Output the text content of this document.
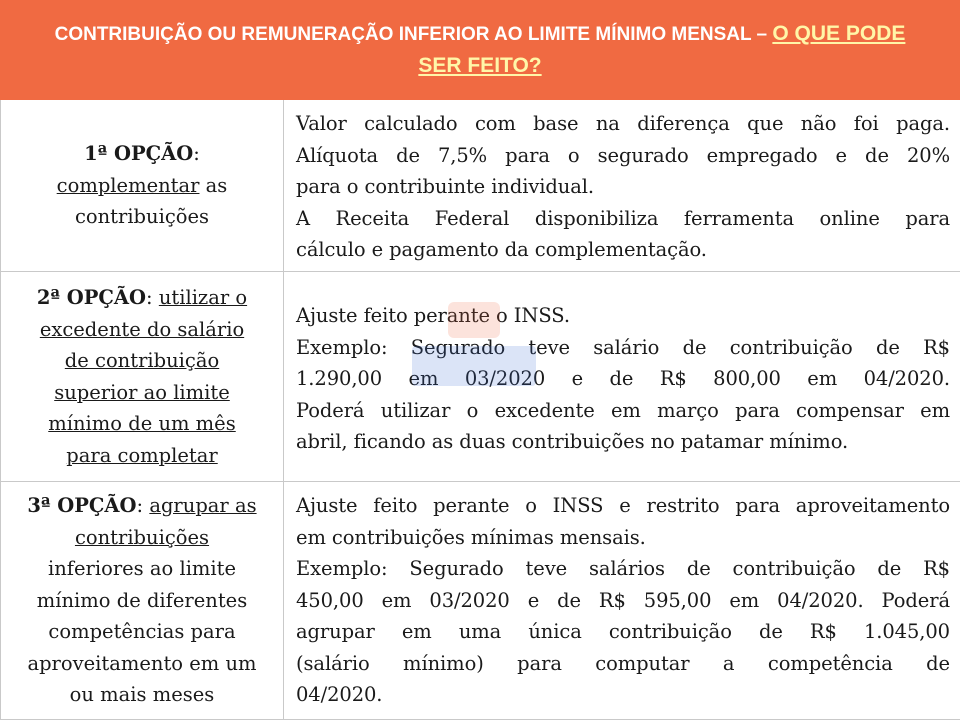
CONTRIBUIÇÃO OU REMUNERAÇÃO INFERIOR AO LIMITE MÍNIMO MENSAL – O QUE PODE
SER FEITO?
1ª OPÇÃO:
complementar as
contribuições
Valor calculado com base na diferença que não foi paga.
Alíquota de 7,5% para o segurado empregado e de 20%
para o contribuinte individual.
A Receita Federal disponibiliza ferramenta online para
cálculo e pagamento da complementação.
2ª OPÇÃO: utilizar o
excedente do salário
de contribuição
superior ao limite
mínimo de um mês
para completar
Ajuste feito perante o INSS.
Exemplo: Segurado teve salário de contribuição de R$
1.290,00 em 03/2020 e de R$ 800,00 em 04/2020.
Poderá utilizar o excedente em março para compensar em
abril, ficando as duas contribuições no patamar mínimo.
3ª OPÇÃO: agrupar as
contribuições
inferiores ao limite
mínimo de diferentes
competências para
aproveitamento em um
ou mais meses
Ajuste feito perante o INSS e restrito para aproveitamento
em contribuições mínimas mensais.
Exemplo: Segurado teve salários de contribuição de R$
450,00 em 03/2020 e de R$ 595,00 em 04/2020. Poderá
agrupar em uma única contribuição de R$ 1.045,00
(salário mínimo) para computar a competência de
04/2020.
